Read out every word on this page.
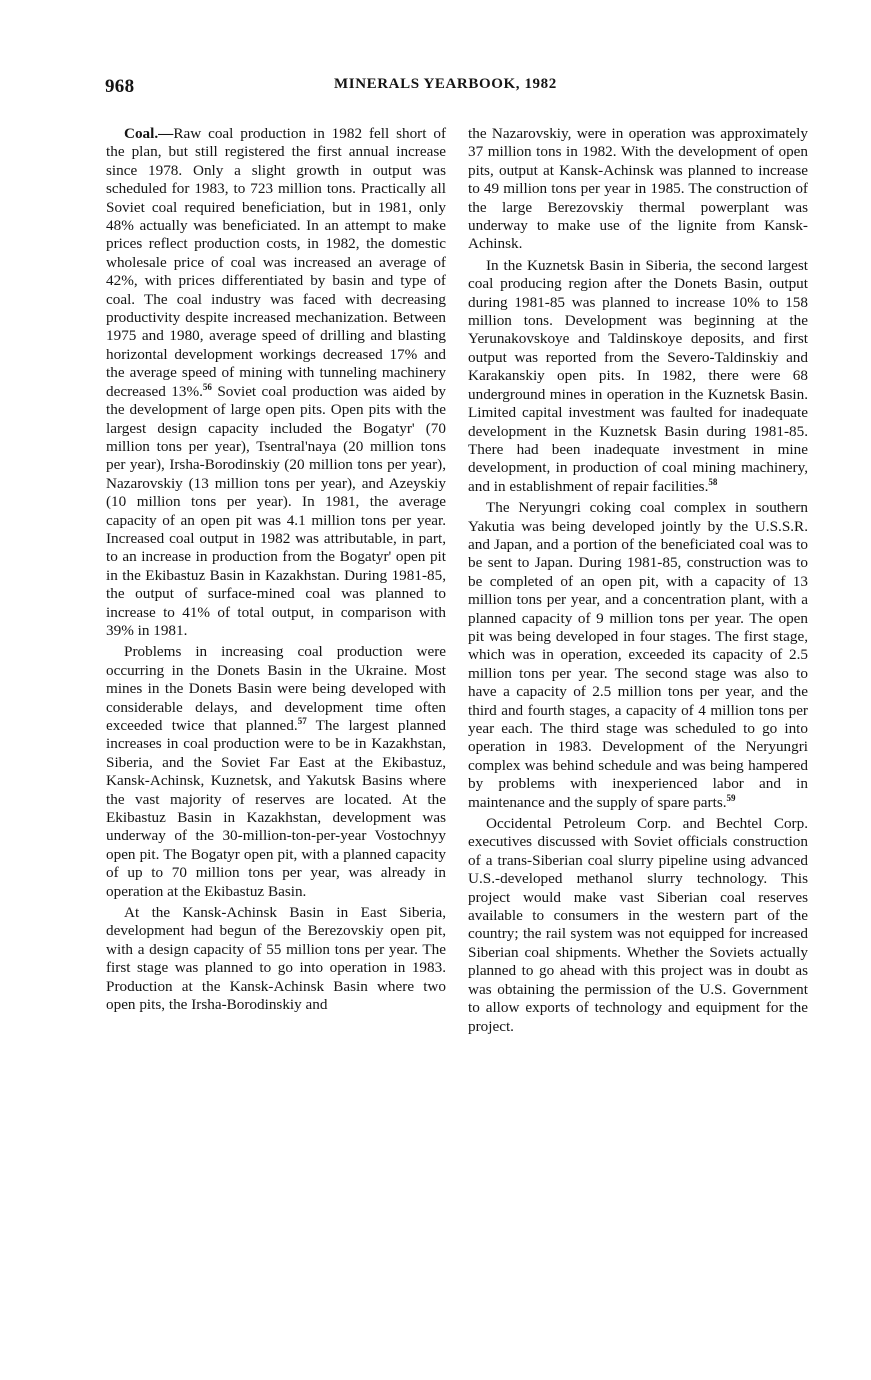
968	MINERALS YEARBOOK, 1982

Coal.—Raw coal production in 1982 fell short of the plan, but still registered the first annual increase since 1978. Only a slight growth in output was scheduled for 1983, to 723 million tons. Practically all Soviet coal required beneficiation, but in 1981, only 48% actually was beneficiated. In an attempt to make prices reflect production costs, in 1982, the domestic wholesale price of coal was increased an average of 42%, with prices differentiated by basin and type of coal. The coal industry was faced with decreasing productivity despite increased mechanization. Between 1975 and 1980, average speed of drilling and blasting horizontal development workings decreased 17% and the average speed of mining with tunneling machinery decreased 13%.$^{56}$ Soviet coal production was aided by the development of large open pits. Open pits with the largest design capacity included the Bogatyr' (70 million tons per year), Tsentral'naya (20 million tons per year), Irsha-Borodinskiy (20 million tons per year), Nazarovskiy (13 million tons per year), and Azeyskiy (10 million tons per year). In 1981, the average capacity of an open pit was 4.1 million tons per year. Increased coal output in 1982 was attributable, in part, to an increase in production from the Bogatyr' open pit in the Ekibastuz Basin in Kazakhstan. During 1981-85, the output of surface-mined coal was planned to increase to 41% of total output, in comparison with 39% in 1981.

Problems in increasing coal production were occurring in the Donets Basin in the Ukraine. Most mines in the Donets Basin were being developed with considerable delays, and development time often exceeded twice that planned.$^{57}$ The largest planned increases in coal production were to be in Kazakhstan, Siberia, and the Soviet Far East at the Ekibastuz, Kansk-Achinsk, Kuznetsk, and Yakutsk Basins where the vast majority of reserves are located. At the Ekibastuz Basin in Kazakhstan, development was underway of the 30-million-ton-per-year Vostochnyy open pit. The Bogatyr open pit, with a planned capacity of up to 70 million tons per year, was already in operation at the Ekibastuz Basin.

At the Kansk-Achinsk Basin in East Siberia, development had begun of the Berezovskiy open pit, with a design capacity of 55 million tons per year. The first stage was planned to go into operation in 1983. Production at the Kansk-Achinsk Basin where two open pits, the Irsha-Borodinskiy and

the Nazarovskiy, were in operation was approximately 37 million tons in 1982. With the development of open pits, output at Kansk-Achinsk was planned to increase to 49 million tons per year in 1985. The construction of the large Berezovskiy thermal powerplant was underway to make use of the lignite from Kansk-Achinsk.

In the Kuznetsk Basin in Siberia, the second largest coal producing region after the Donets Basin, output during 1981-85 was planned to increase 10% to 158 million tons. Development was beginning at the Yerunakovskoye and Taldinskoye deposits, and first output was reported from the Severo-Taldinskiy and Karakanskiy open pits. In 1982, there were 68 underground mines in operation in the Kuznetsk Basin. Limited capital investment was faulted for inadequate development in the Kuznetsk Basin during 1981-85. There had been inadequate investment in mine development, in production of coal mining machinery, and in establishment of repair facilities.$^{58}$

The Neryungri coking coal complex in southern Yakutia was being developed jointly by the U.S.S.R. and Japan, and a portion of the beneficiated coal was to be sent to Japan. During 1981-85, construction was to be completed of an open pit, with a capacity of 13 million tons per year, and a concentration plant, with a planned capacity of 9 million tons per year. The open pit was being developed in four stages. The first stage, which was in operation, exceeded its capacity of 2.5 million tons per year. The second stage was also to have a capacity of 2.5 million tons per year, and the third and fourth stages, a capacity of 4 million tons per year each. The third stage was scheduled to go into operation in 1983. Development of the Neryungri complex was behind schedule and was being hampered by problems with inexperienced labor and in maintenance and the supply of spare parts.$^{59}$

Occidental Petroleum Corp. and Bechtel Corp. executives discussed with Soviet officials construction of a trans-Siberian coal slurry pipeline using advanced U.S.-developed methanol slurry technology. This project would make vast Siberian coal reserves available to consumers in the western part of the country; the rail system was not equipped for increased Siberian coal shipments. Whether the Soviets actually planned to go ahead with this project was in doubt as was obtaining the permission of the U.S. Government to allow exports of technology and equipment for the project.
